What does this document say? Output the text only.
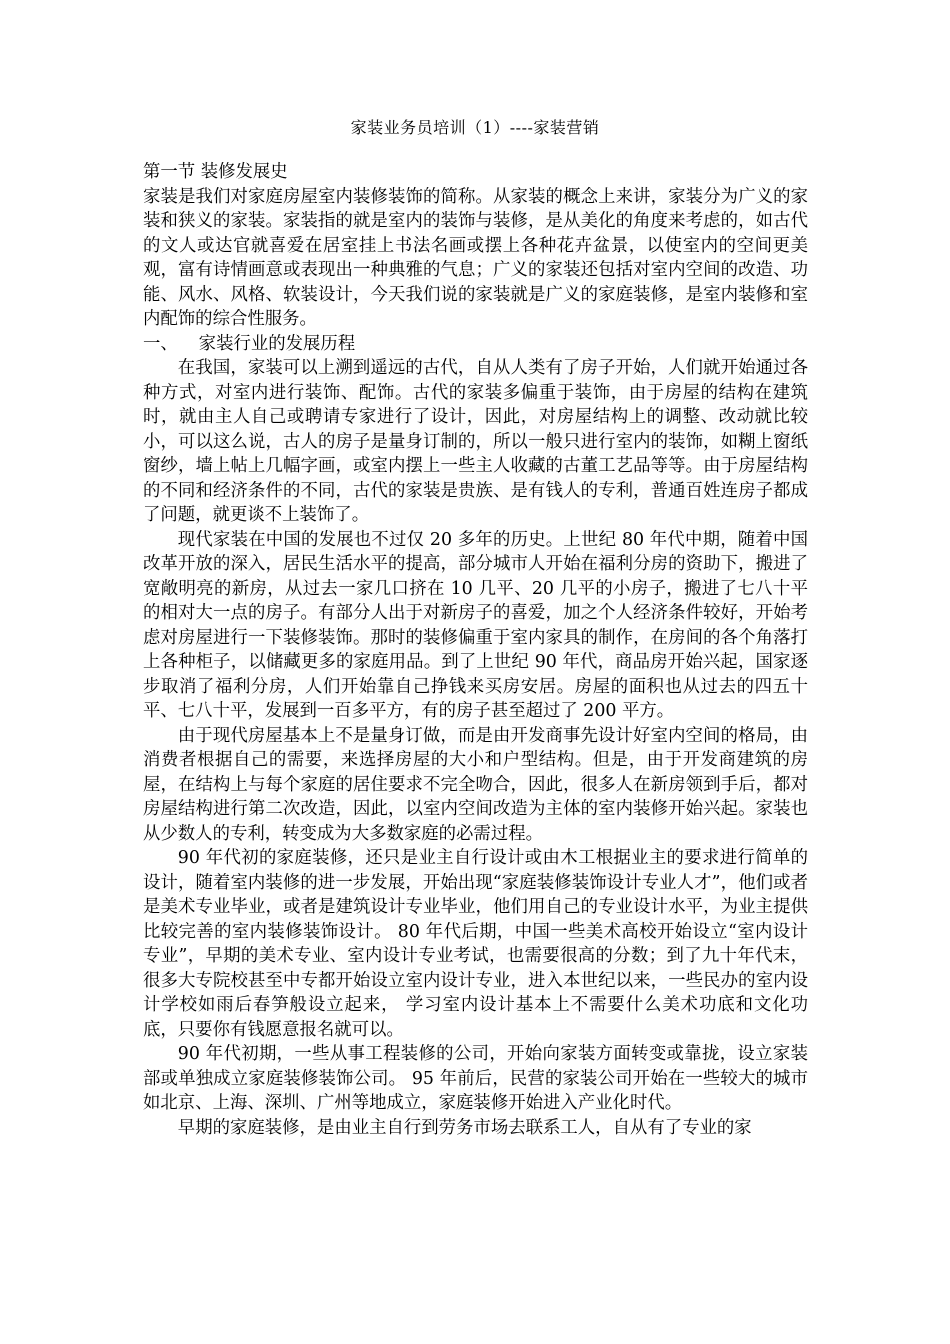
家装业务员培训（1）----家装营销

第一节 装修发展史

家装是我们对家庭房屋室内装修装饰的简称。从家装的概念上来讲，家装分为广义的家装和狭义的家装。家装指的就是室内的装饰与装修，是从美化的角度来考虑的，如古代的文人或达官就喜爱在居室挂上书法名画或摆上各种花卉盆景，以使室内的空间更美观，富有诗情画意或表现出一种典雅的气息；广义的家装还包括对室内空间的改造、功能、风水、风格、软装设计，今天我们说的家装就是广义的家庭装修，是室内装修和室内配饰的综合性服务。

一、 家装行业的发展历程

在我国，家装可以上溯到遥远的古代，自从人类有了房子开始，人们就开始通过各种方式，对室内进行装饰、配饰。古代的家装多偏重于装饰，由于房屋的结构在建筑时，就由主人自己或聘请专家进行了设计，因此，对房屋结构上的调整、改动就比较小，可以这么说，古人的房子是量身订制的，所以一般只进行室内的装饰，如糊上窗纸窗纱，墙上帖上几幅字画，或室内摆上一些主人收藏的古董工艺品等等。由于房屋结构的不同和经济条件的不同，古代的家装是贵族、是有钱人的专利，普通百姓连房子都成了问题，就更谈不上装饰了。

现代家装在中国的发展也不过仅 20 多年的历史。上世纪 80 年代中期，随着中国改革开放的深入，居民生活水平的提高，部分城市人开始在福利分房的资助下，搬进了宽敞明亮的新房，从过去一家几口挤在 10 几平、20 几平的小房子，搬进了七八十平的相对大一点的房子。有部分人出于对新房子的喜爱，加之个人经济条件较好，开始考虑对房屋进行一下装修装饰。那时的装修偏重于室内家具的制作，在房间的各个角落打上各种柜子，以储藏更多的家庭用品。到了上世纪 90 年代，商品房开始兴起，国家逐步取消了福利分房，人们开始靠自己挣钱来买房安居。房屋的面积也从过去的四五十平、七八十平，发展到一百多平方，有的房子甚至超过了 200 平方。

由于现代房屋基本上不是量身订做，而是由开发商事先设计好室内空间的格局，由消费者根据自己的需要，来选择房屋的大小和户型结构。但是，由于开发商建筑的房屋，在结构上与每个家庭的居住要求不完全吻合，因此，很多人在新房领到手后，都对房屋结构进行第二次改造，因此，以室内空间改造为主体的室内装修开始兴起。家装也从少数人的专利，转变成为大多数家庭的必需过程。

90 年代初的家庭装修，还只是业主自行设计或由木工根据业主的要求进行简单的设计，随着室内装修的进一步发展，开始出现“家庭装修装饰设计专业人才”，他们或者是美术专业毕业，或者是建筑设计专业毕业，他们用自己的专业设计水平，为业主提供比较完善的室内装修装饰设计。 80 年代后期，中国一些美术高校开始设立“室内设计专业”，早期的美术专业、室内设计专业考试，也需要很高的分数；到了九十年代末，很多大专院校甚至中专都开始设立室内设计专业，进入本世纪以来，一些民办的室内设计学校如雨后春笋般设立起来， 学习室内设计基本上不需要什么美术功底和文化功底，只要你有钱愿意报名就可以。

90 年代初期，一些从事工程装修的公司，开始向家装方面转变或靠拢，设立家装部或单独成立家庭装修装饰公司。 95 年前后，民营的家装公司开始在一些较大的城市如北京、上海、深圳、广州等地成立，家庭装修开始进入产业化时代。

早期的家庭装修，是由业主自行到劳务市场去联系工人，自从有了专业的家
